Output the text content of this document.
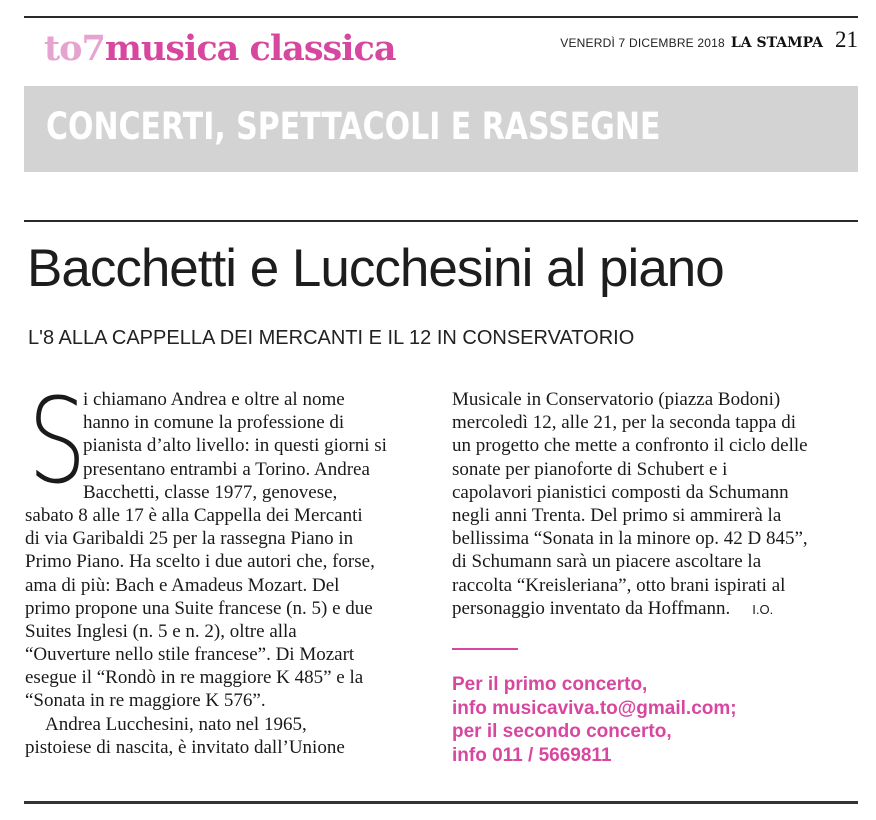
to7musica classica	VENERDÌ 7 DICEMBRE 2018 LA STAMPA 21
CONCERTI, SPETTACOLI E RASSEGNE
Bacchetti e Lucchesini al piano
L'8 ALLA CAPPELLA DEI MERCANTI E IL 12 IN CONSERVATORIO
S
i chiamano Andrea e oltre al nome
hanno in comune la professione di
pianista d’alto livello: in questi giorni si
presentano entrambi a Torino. Andrea
Bacchetti, classe 1977, genovese,
sabato 8 alle 17 è alla Cappella dei Mercanti
di via Garibaldi 25 per la rassegna Piano in
Primo Piano. Ha scelto i due autori che, forse,
ama di più: Bach e Amadeus Mozart. Del
primo propone una Suite francese (n. 5) e due
Suites Inglesi (n. 5 e n. 2), oltre alla
“Ouverture nello stile francese”. Di Mozart
esegue il “Rondò in re maggiore K 485” e la
“Sonata in re maggiore K 576”.
Andrea Lucchesini, nato nel 1965,
pistoiese di nascita, è invitato dall’Unione
Musicale in Conservatorio (piazza Bodoni)
mercoledì 12, alle 21, per la seconda tappa di
un progetto che mette a confronto il ciclo delle
sonate per pianoforte di Schubert e i
capolavori pianistici composti da Schumann
negli anni Trenta. Del primo si ammirerà la
bellissima “Sonata in la minore op. 42 D 845”,
di Schumann sarà un piacere ascoltare la
raccolta “Kreisleriana”, otto brani ispirati al
personaggio inventato da Hoffmann. I.O.
Per il primo concerto,
info musicaviva.to@gmail.com;
per il secondo concerto,
info 011 / 5669811
